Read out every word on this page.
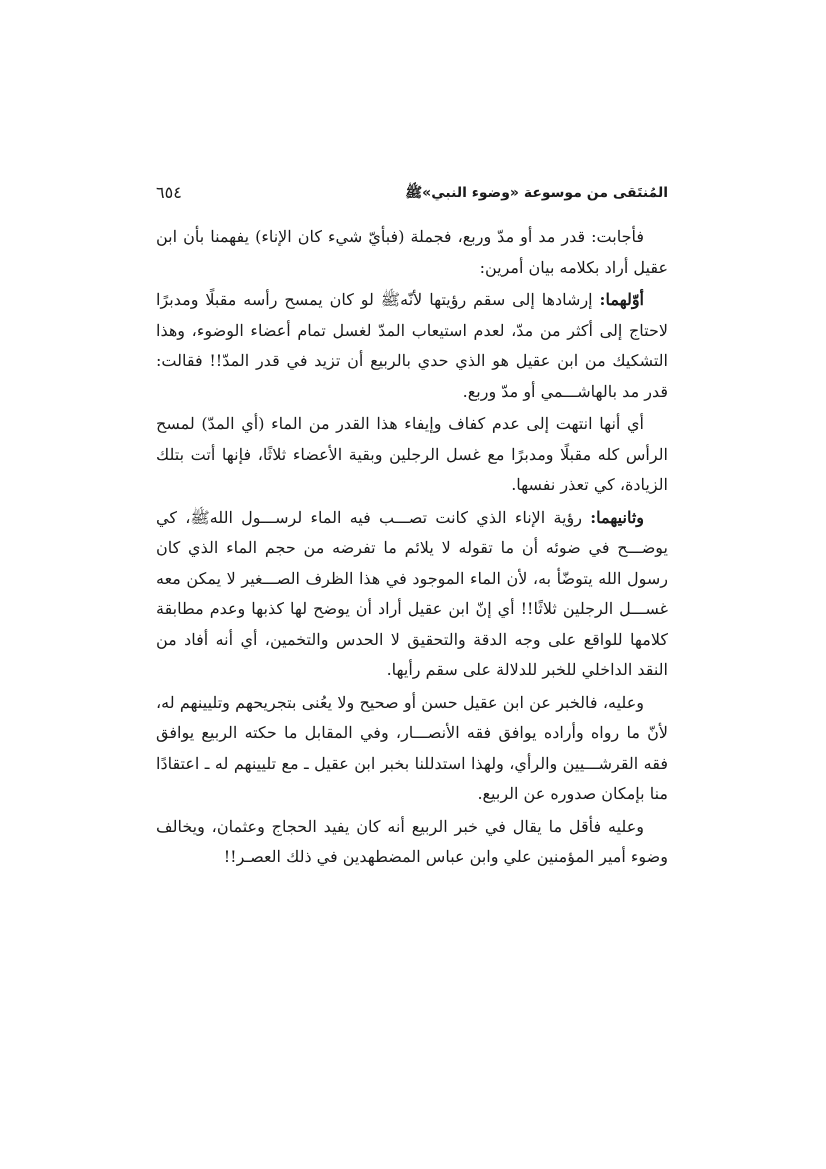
المُنتَقى من موسوعة «وضوء النبي»ﷺ
٦٥٤

فأجابت: قدر مد أو مدّ وربع، فجملة (فبأيّ شيء كان الإناء) يفهمنا بأن ابن عقيل أراد بكلامه بيان أمرين:

أوّلهما: إرشادها إلى سقم رؤيتها لأنّهﷺ لو كان يمسح رأسه مقبلًا ومدبرًا لاحتاج إلى أكثر من مدّ، لعدم استيعاب المدّ لغسل تمام أعضاء الوضوء، وهذا التشكيك من ابن عقيل هو الذي حدي بالربيع أن تزيد في قدر المدّ!! فقالت: قدر مد بالهاشـــمي أو مدّ وربع.

أي أنها انتهت إلى عدم كفاف وإيفاء هذا القدر من الماء (أي المدّ) لمسح الرأس كله مقبلًا ومدبرًا مع غسل الرجلين وبقية الأعضاء ثلاثًا، فإنها أتت بتلك الزيادة، كي تعذر نفسها.

وثانيهما: رؤية الإناء الذي كانت تصـــب فيه الماء لرســـول اللهﷺ، كي يوضـــح في ضوئه أن ما تقوله لا يلائم ما تفرضه من حجم الماء الذي كان رسول الله يتوضّأ به، لأن الماء الموجود في هذا الظرف الصـــغير لا يمكن معه غســـل الرجلين ثلاثًا!! أي إنّ ابن عقيل أراد أن يوضح لها كذبها وعدم مطابقة كلامها للواقع على وجه الدقة والتحقيق لا الحدس والتخمين، أي أنه أفاد من النقد الداخلي للخبر للدلالة على سقم رأيها.

وعليه، فالخبر عن ابن عقيل حسن أو صحيح ولا يعُنى بتجريحهم وتليينهم له، لأنّ ما رواه وأراده يوافق فقه الأنصـــار، وفي المقابل ما حكته الربيع يوافق فقه القرشـــيين والرأي، ولهذا استدللنا بخبر ابن عقيل ـ مع تليينهم له ـ اعتقادًا منا بإمكان صدوره عن الربيع.

وعليه فأقل ما يقال في خبر الربيع أنه كان يفيد الحجاج وعثمان، ويخالف وضوء أمير المؤمنين علي وابن عباس المضطهدين في ذلك العصـر!!
